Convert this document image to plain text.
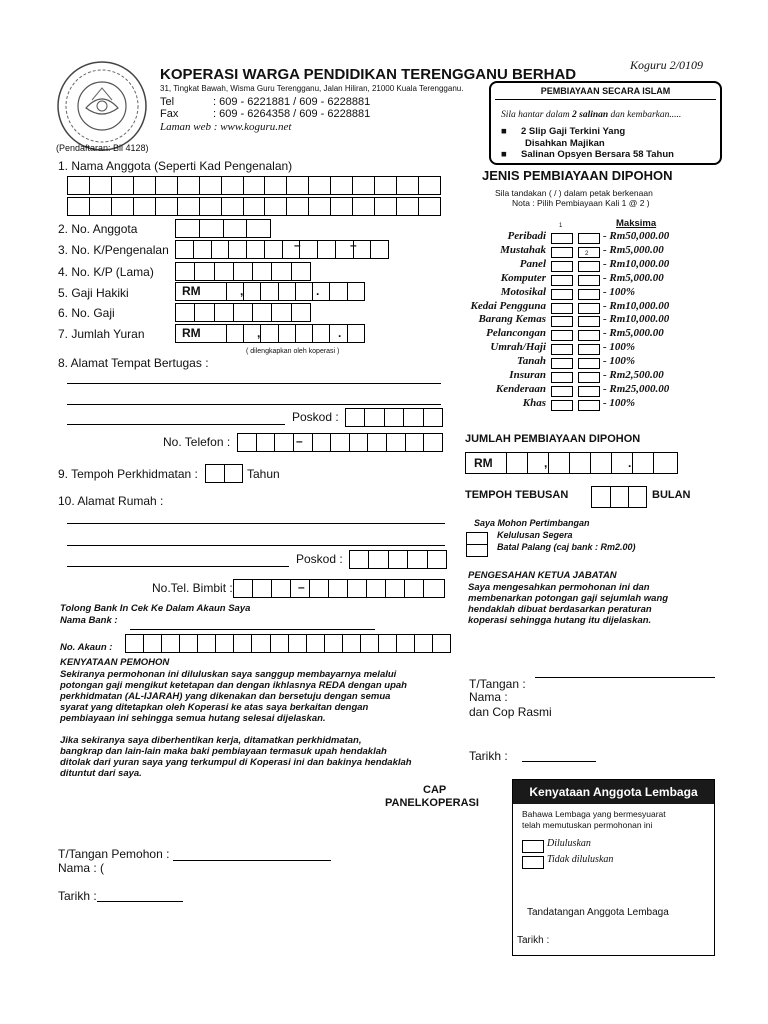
Koguru 2/0109
KOPERASI WARGA PENDIDIKAN TERENGGANU BERHAD
31, Tingkat Bawah, Wisma Guru Terengganu, Jalan Hiliran, 21000 Kuala Terengganu.
Tel	: 609 - 6221881 / 609 - 6228881
Fax	: 609 - 6264358 / 609 - 6228881
Laman web : www.koguru.net
(Pendaftaran: Bil 4128)
PEMBIAYAAN SECARA ISLAM
Sila hantar dalam 2 salinan dan kembarkan.....
■ 2 Slip Gaji Terkini Yang
Disahkan Majikan
■ Salinan Opsyen Bersara 58 Tahun
1. Nama Anggota (Seperti Kad Pengenalan)
2. No. Anggota
3. No. K/Pengenalan	–	–
4. No. K/P (Lama)
5. Gaji Hakiki	RM	,	.
6. No. Gaji
7. Jumlah Yuran	RM	,	.
( dilengkapkan oleh koperasi )
8. Alamat Tempat Bertugas :
Poskod :
No. Telefon :	–
9. Tempoh Perkhidmatan :	Tahun
10. Alamat Rumah :
Poskod :
No.Tel. Bimbit :	–
Tolong Bank In Cek Ke Dalam Akaun Saya
Nama Bank :
No. Akaun :
KENYATAAN PEMOHON
Sekiranya permohonan ini diluluskan saya sanggup membayarnya melalui
potongan gaji mengikut ketetapan dan dengan ikhlasnya REDA dengan upah
perkhidmatan (AL-IJARAH) yang dikenakan dan bersetuju dengan semua
syarat yang ditetapkan oleh Koperasi ke atas saya berkaitan dengan
pembiayaan ini sehingga semua hutang selesai dijelaskan.
Jika sekiranya saya diberhentikan kerja, ditamatkan perkhidmatan,
bangkrap dan lain-lain maka baki pembiayaan termasuk upah hendaklah
ditolak dari yuran saya yang terkumpul di Koperasi ini dan bakinya hendaklah
dituntut dari saya.
CAP
PANELKOPERASI
T/Tangan Pemohon :
Nama : (
Tarikh :
JENIS PEMBIAYAAN DIPOHON
Sila tandakan ( / ) dalam petak berkenaan
Nota : Pilih Pembiayaan Kali 1 @ 2 )
Maksima
1
2
Peribadi	- Rm50,000.00
Mustahak	- Rm5,000.00
Panel	- Rm10,000.00
Komputer	- Rm5,000.00
Motosikal	- 100%
Kedai Pengguna	- Rm10,000.00
Barang Kemas	- Rm10,000.00
Pelancongan	- Rm5,000.00
Umrah/Haji	- 100%
Tanah	- 100%
Insuran	- Rm2,500.00
Kenderaan	- Rm25,000.00
Khas	- 100%
JUMLAH PEMBIAYAAN DIPOHON
RM	,	.
TEMPOH TEBUSAN	BULAN
Saya Mohon Pertimbangan
Kelulusan Segera
Batal Palang (caj bank : Rm2.00)
PENGESAHAN KETUA JABATAN
Saya mengesahkan permohonan ini dan
membenarkan potongan gaji sejumlah wang
hendaklah dibuat berdasarkan peraturan
koperasi sehingga hutang itu dijelaskan.
T/Tangan :
Nama :
dan Cop Rasmi
Tarikh :
Kenyataan Anggota Lembaga
Bahawa Lembaga yang bermesyuarat
telah memutuskan permohonan ini
Diluluskan
Tidak diluluskan
Tandatangan Anggota Lembaga
Tarikh :
